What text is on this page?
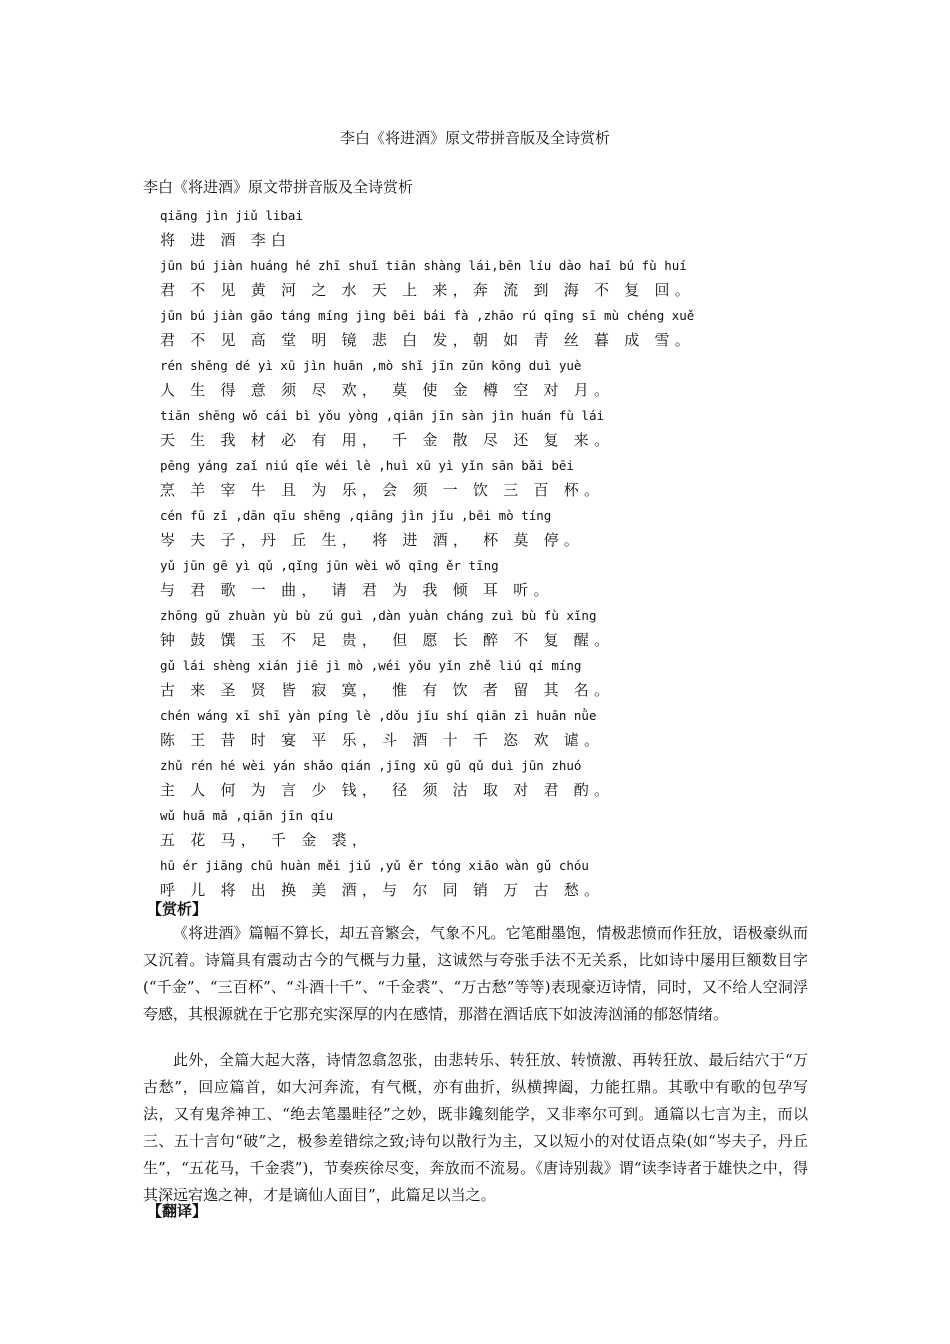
李白《将进酒》原文带拼音版及全诗赏析
李白《将进酒》原文带拼音版及全诗赏析
qiāng jìn jiǔ libai
将 进 酒 李白
jūn bú jiàn huáng hé zhī shuǐ tiān shàng lái,bēn líu dào haǐ bú fù huí
君 不 见 黄 河 之 水 天 上 来，奔 流 到 海 不 复 回。
jūn bú jiàn gāo táng míng jìng bēi bái fà ,zhāo rú qīng sī mù chéng xuě
君 不 见 高 堂 明 镜 悲 白 发，朝 如 青 丝 暮 成 雪。
rén shēng dé yì xū jìn huān ,mò shǐ jīn zūn kōng duì yuè
人 生 得 意 须 尽 欢， 莫 使 金 樽 空 对 月。
tiān shēng wǒ cái bì yǒu yòng ,qiān jīn sàn jìn huán fù lái
天 生 我 材 必 有 用， 千 金 散 尽 还 复 来。
pēng yáng zaǐ niú qǐe wéi lè ,huì xū yì yǐn sān bǎi bēi
烹 羊 宰 牛 且 为 乐，会 须 一 饮 三 百 杯。
cén fū zǐ ,dān qīu shēng ,qiāng jìn jǐu ,bēi mò tíng
岑 夫 子，丹 丘 生， 将 进 酒， 杯 莫 停。
yǔ jūn gē yì qǔ ,qǐng jūn wèi wǒ qīng ěr tīng
与 君 歌 一 曲， 请 君 为 我 倾 耳 听。
zhōng gǔ zhuàn yù bù zú guì ,dàn yuàn cháng zuì bù fù xǐng
钟 鼓 馔 玉 不 足 贵， 但 愿 长 醉 不 复 醒。
gǔ lái shèng xián jiē jì mò ,wéi yǒu yǐn zhě liú qí míng
古 来 圣 贤 皆 寂 寞， 惟 有 饮 者 留 其 名。
chén wáng xī shī yàn píng lè ,dǒu jǐu shí qiān zì huān nǜe
陈 王 昔 时 宴 平 乐，斗 酒 十 千 恣 欢 谑。
zhǔ rén hé wèi yán shǎo qián ,jīng xū gū qǔ duì jūn zhuó
主 人 何 为 言 少 钱， 径 须 沽 取 对 君 酌。
wǔ huā mǎ ,qiān jīn qíu
五 花 马， 千 金 裘，
hū ér jiāng chū huàn měi jiǔ ,yǔ ěr tóng xiāo wàn gǔ chóu
呼 儿 将 出 换 美 酒，与 尔 同 销 万 古 愁。
【赏析】

《将进酒》篇幅不算长，却五音繁会，气象不凡。它笔酣墨饱，情极悲愤而作狂放，语极豪纵而又沉着。诗篇具有震动古今的气概与力量，这诚然与夸张手法不无关系，比如诗中屡用巨额数目字(“千金”、“三百杯”、“斗酒十千”、“千金裘”、“万古愁”等等)表现豪迈诗情，同时，又不给人空洞浮夸感，其根源就在于它那充实深厚的内在感情，那潜在酒话底下如波涛汹涌的郁怒情绪。

此外，全篇大起大落，诗情忽翕忽张，由悲转乐、转狂放、转愤激、再转狂放、最后结穴于“万古愁”，回应篇首，如大河奔流，有气概，亦有曲折，纵横捭阖，力能扛鼎。其歌中有歌的包孕写法，又有鬼斧神工、“绝去笔墨畦径”之妙，既非鑱刻能学，又非率尔可到。通篇以七言为主，而以三、五十言句“破”之，极参差错综之致;诗句以散行为主，又以短小的对仗语点染(如“岑夫子，丹丘生”，“五花马，千金裘”)，节奏疾徐尽变，奔放而不流易。《唐诗别裁》谓“读李诗者于雄快之中，得其深远宕逸之神，才是谪仙人面目”，此篇足以当之。

【翻译】
